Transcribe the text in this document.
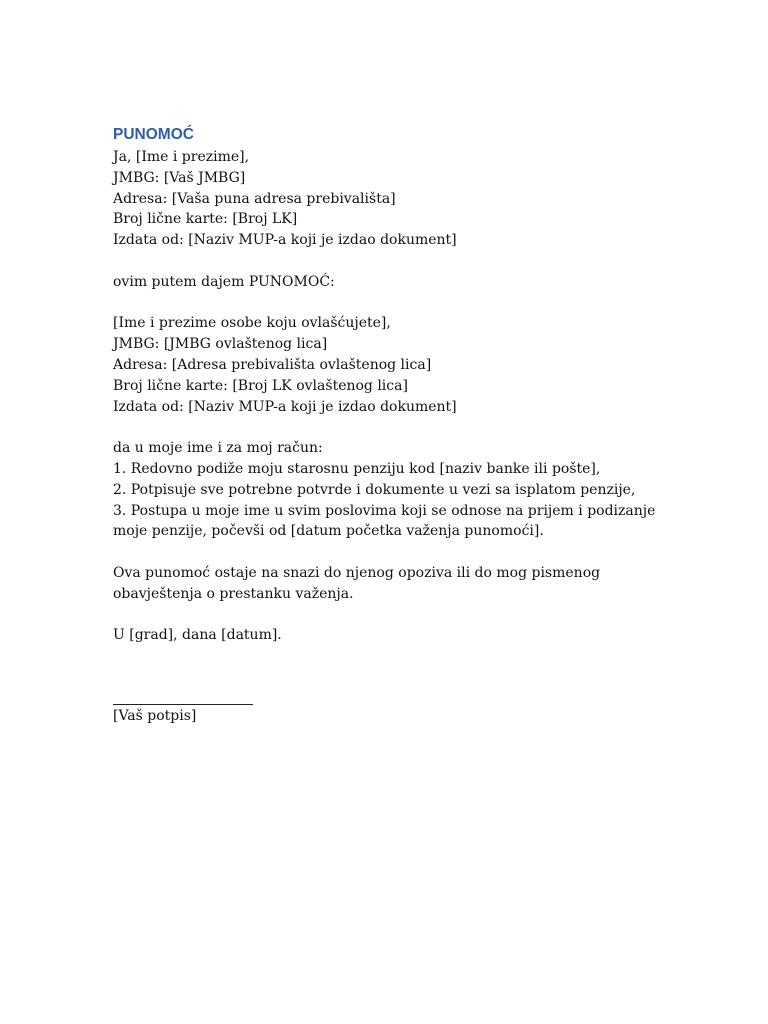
PUNOMOĆ
Ja, [Ime i prezime],
JMBG: [Vaš JMBG]
Adresa: [Vaša puna adresa prebivališta]
Broj lične karte: [Broj LK]
Izdata od: [Naziv MUP-a koji je izdao dokument]
ovim putem dajem PUNOMOĆ:
[Ime i prezime osobe koju ovlašćujete],
JMBG: [JMBG ovlaštenog lica]
Adresa: [Adresa prebivališta ovlaštenog lica]
Broj lične karte: [Broj LK ovlaštenog lica]
Izdata od: [Naziv MUP-a koji je izdao dokument]
da u moje ime i za moj račun:
1. Redovno podiže moju starosnu penziju kod [naziv banke ili pošte],
2. Potpisuje sve potrebne potvrde i dokumente u vezi sa isplatom penzije,
3. Postupa u moje ime u svim poslovima koji se odnose na prijem i podizanje moje penzije, počevši od [datum početka važenja punomoći].
Ova punomoć ostaje na snazi do njenog opoziva ili do mog pismenog obavještenja o prestanku važenja.
U [grad], dana [datum].
[Vaš potpis]
